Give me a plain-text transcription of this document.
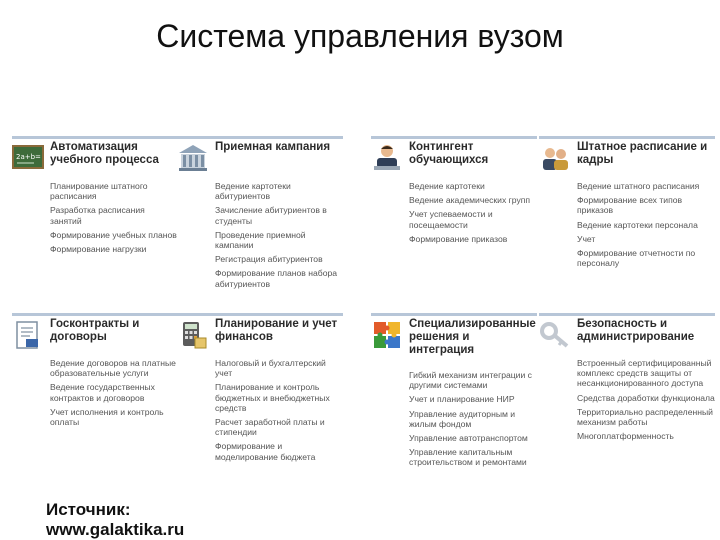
Система управления вузом
2a+b=
Автоматизация учебного процесса
Планирование штатного расписания
Разработка расписания занятий
Формирование учебных планов
Формирование нагрузки
Приемная кампания
Ведение картотеки абитуриентов
Зачисление абитуриентов в студенты
Проведение приемной кампании
Регистрация абитуриентов
Формирование планов набора абитуриентов
Контингент обучающихся
Ведение картотеки
Ведение академических групп
Учет успеваемости и посещаемости
Формирование приказов
Штатное расписание и кадры
Ведение штатного расписания
Формирование всех типов приказов
Ведение картотеки персонала
Учет
Формирование отчетности по персоналу
Госконтракты и договоры
Ведение договоров на платные образовательные услуги
Ведение государственных контрактов и договоров
Учет исполнения и контроль оплаты
Планирование и учет финансов
Налоговый и бухгалтерский учет
Планирование и контроль бюджетных и внебюджетных средств
Расчет заработной платы и стипендии
Формирование и моделирование бюджета
Специализированные решения и интеграция
Гибкий механизм интеграции с другими системами
Учет и планирование НИР
Управление аудиторным и жилым фондом
Управление автотранспортом
Управление капитальным строительством и ремонтами
Безопасность и администрирование
Встроенный сертифицированный комплекс средств защиты от несанкционированного доступа
Средства доработки функционала
Территориально распределенный механизм работы
Многоплатформенность
Источник:
www.galaktika.ru
